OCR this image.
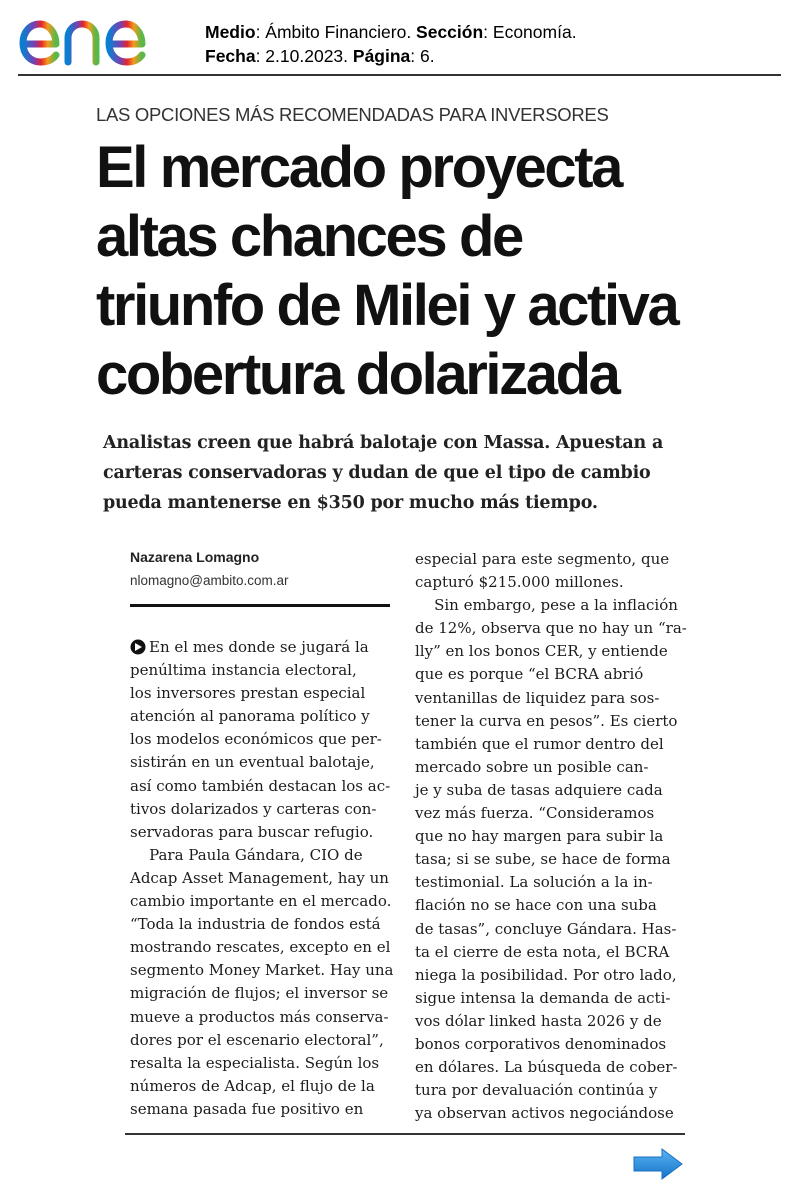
Medio: Ámbito Financiero. Sección: Economía.
Fecha: 2.10.2023. Página: 6.
LAS OPCIONES MÁS RECOMENDADAS PARA INVERSORES
El mercado proyecta
altas chances de
triunfo de Milei y activa
cobertura dolarizada
Analistas creen que habrá balotaje con Massa. Apuestan a
carteras conservadoras y dudan de que el tipo de cambio
pueda mantenerse en $350 por mucho más tiempo.
Nazarena Lomagno
nlomagno@ambito.com.ar
En el mes donde se jugará la
penúltima instancia electoral,
los inversores prestan especial
atención al panorama político y
los modelos económicos que per-
sistirán en un eventual balotaje,
así como también destacan los ac-
tivos dolarizados y carteras con-
servadoras para buscar refugio.
Para Paula Gándara, CIO de
Adcap Asset Management, hay un
cambio importante en el mercado.
“Toda la industria de fondos está
mostrando rescates, excepto en el
segmento Money Market. Hay una
migración de flujos; el inversor se
mueve a productos más conserva-
dores por el escenario electoral”,
resalta la especialista. Según los
números de Adcap, el flujo de la
semana pasada fue positivo en
especial para este segmento, que
capturó $215.000 millones.
Sin embargo, pese a la inflación
de 12%, observa que no hay un “ra-
lly” en los bonos CER, y entiende
que es porque “el BCRA abrió
ventanillas de liquidez para sos-
tener la curva en pesos”. Es cierto
también que el rumor dentro del
mercado sobre un posible can-
je y suba de tasas adquiere cada
vez más fuerza. “Consideramos
que no hay margen para subir la
tasa; si se sube, se hace de forma
testimonial. La solución a la in-
flación no se hace con una suba
de tasas”, concluye Gándara. Has-
ta el cierre de esta nota, el BCRA
niega la posibilidad. Por otro lado,
sigue intensa la demanda de acti-
vos dólar linked hasta 2026 y de
bonos corporativos denominados
en dólares. La búsqueda de cober-
tura por devaluación continúa y
ya observan activos negociándose
